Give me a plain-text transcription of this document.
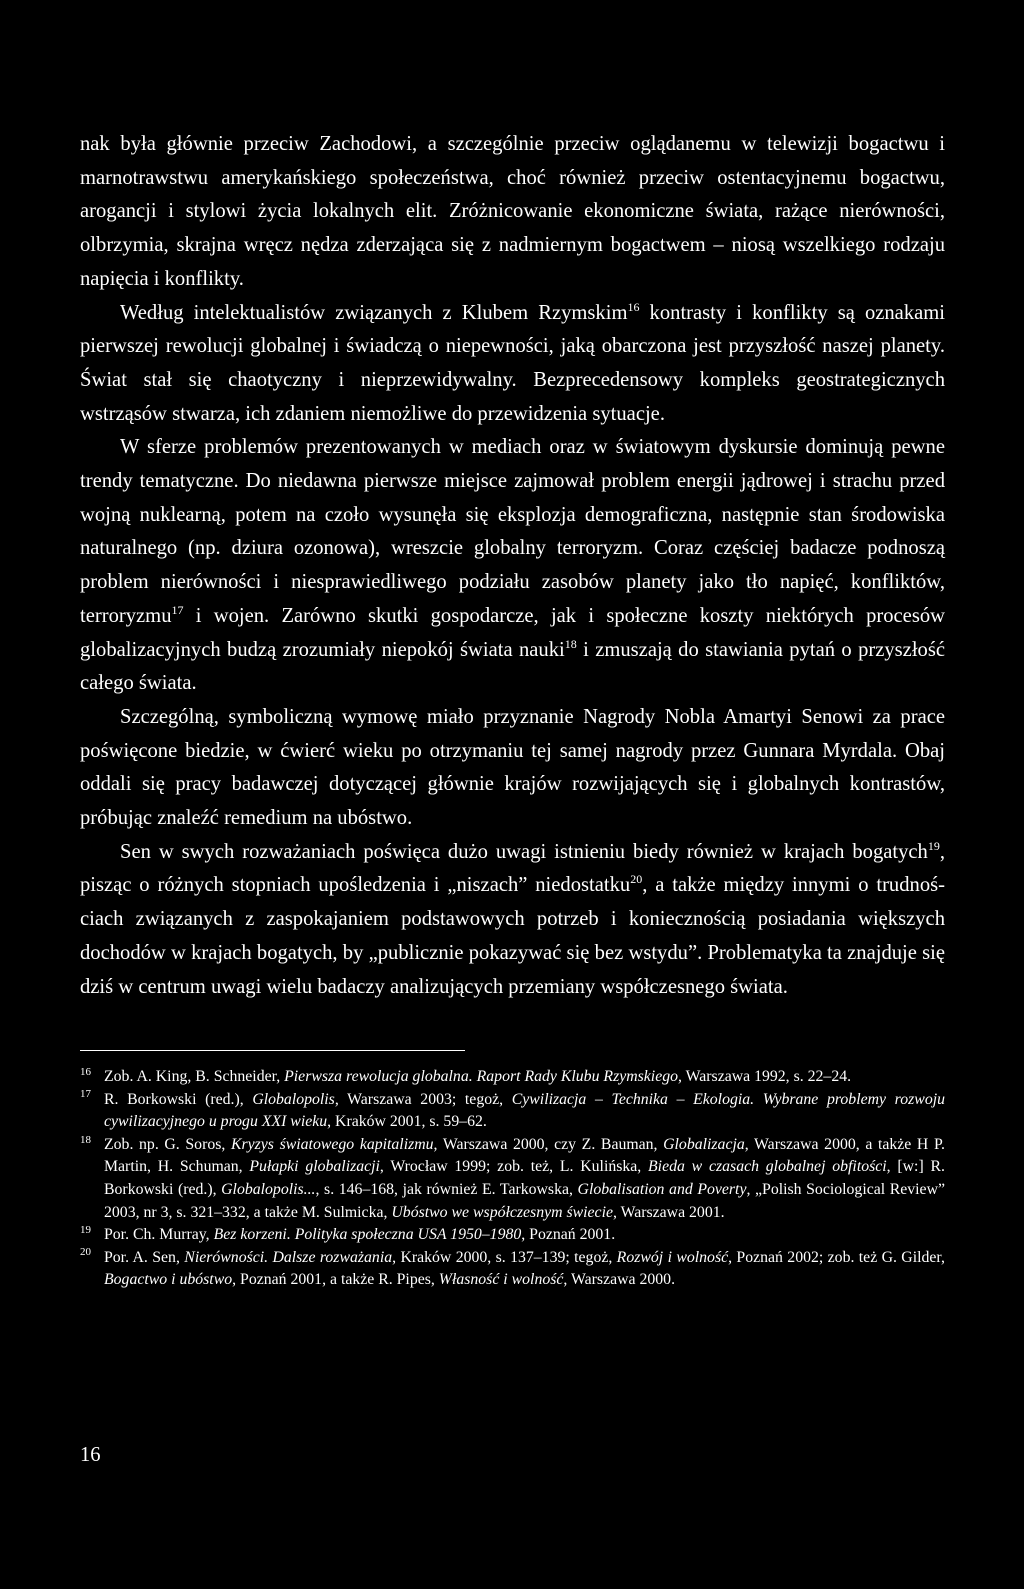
nak była głównie przeciw Zachodowi, a szczególnie przeciw oglądanemu w telewizji bogactwu i marnotrawstwu amerykańskiego społeczeństwa, choć również przeciw ostentacyjnemu bogactwu, arogancji i stylowi życia lokalnych elit. Zróżnicowanie ekonomiczne świata, rażące nierówności, olbrzymia, skrajna wręcz nędza zderzająca się z nadmiernym bogactwem – niosą wszelkiego rodzaju napięcia i konflikty.

Według intelektualistów związanych z Klubem Rzymskim$^{16}$ kontrasty i konflikty są oznakami pierwszej rewolucji globalnej i świadczą o niepewności, jaką obarczona jest przyszłość naszej planety. Świat stał się chaotyczny i nieprzewidywalny. Bezprecedensowy kompleks geostrategicznych wstrząsów stwarza, ich zdaniem niemożliwe do przewidzenia sytuacje.

W sferze problemów prezentowanych w mediach oraz w światowym dyskursie dominują pewne trendy tematyczne. Do niedawna pierwsze miejsce zajmował problem energii jądrowej i strachu przed wojną nuklearną, potem na czoło wysunęła się eksplozja demograficzna, następnie stan środowiska naturalnego (np. dziura ozonowa), wreszcie globalny terroryzm. Coraz częściej badacze podnoszą problem nierówności i niesprawiedliwego podziału zasobów planety jako tło napięć, konfliktów, terroryzmu$^{17}$ i wojen. Zarówno skutki gospodarcze, jak i społeczne koszty niektórych procesów globalizacyjnych budzą zrozumiały niepokój świata nauki$^{18}$ i zmuszają do stawiania pytań o przyszłość całego świata.

Szczególną, symboliczną wymowę miało przyznanie Nagrody Nobla Amartyi Senowi za prace poświęcone biedzie, w ćwierć wieku po otrzymaniu tej samej nagrody przez Gunnara Myrdala. Obaj oddali się pracy badawczej dotyczącej głównie krajów rozwijających się i globalnych kontrastów, próbując znaleźć remedium na ubóstwo.

Sen w swych rozważaniach poświęca dużo uwagi istnieniu biedy również w krajach bogatych$^{19}$, pisząc o różnych stopniach upośledzenia i „niszach” niedostatku$^{20}$, a także między innymi o trudnoś- ciach związanych z zaspokajaniem podstawowych potrzeb i koniecznością posiadania większych dochodów w krajach bogatych, by „publicznie pokazywać się bez wstydu”. Problematyka ta znajduje się dziś w centrum uwagi wielu badaczy analizujących przemiany współczesnego świata.

16 Zob. A. King, B. Schneider, Pierwsza rewolucja globalna. Raport Rady Klubu Rzymskiego, Warszawa 1992, s. 22–24.

17 R. Borkowski (red.), Globalopolis, Warszawa 2003; tegoż, Cywilizacja – Technika – Ekologia. Wybrane problemy rozwoju cywilizacyjnego u progu XXI wieku, Kraków 2001, s. 59–62.

18 Zob. np. G. Soros, Kryzys światowego kapitalizmu, Warszawa 2000, czy Z. Bauman, Globalizacja, Warszawa 2000, a także H P. Martin, H. Schuman, Pułapki globalizacji, Wrocław 1999; zob. też, L. Kulińska, Bieda w czasach globalnej obfitości, [w:] R. Borkowski (red.), Globalopolis..., s. 146–168, jak również E. Tarkowska, Globalisation and Poverty, „Polish Sociological Review” 2003, nr 3, s. 321–332, a także M. Sulmicka, Ubóstwo we współczesnym świecie, Warszawa 2001.

19 Por. Ch. Murray, Bez korzeni. Polityka społeczna USA 1950–1980, Poznań 2001.

20 Por. A. Sen, Nierówności. Dalsze rozważania, Kraków 2000, s. 137–139; tegoż, Rozwój i wolność, Poznań 2002; zob. też G. Gilder, Bogactwo i ubóstwo, Poznań 2001, a także R. Pipes, Własność i wolność, Warszawa 2000.

16
